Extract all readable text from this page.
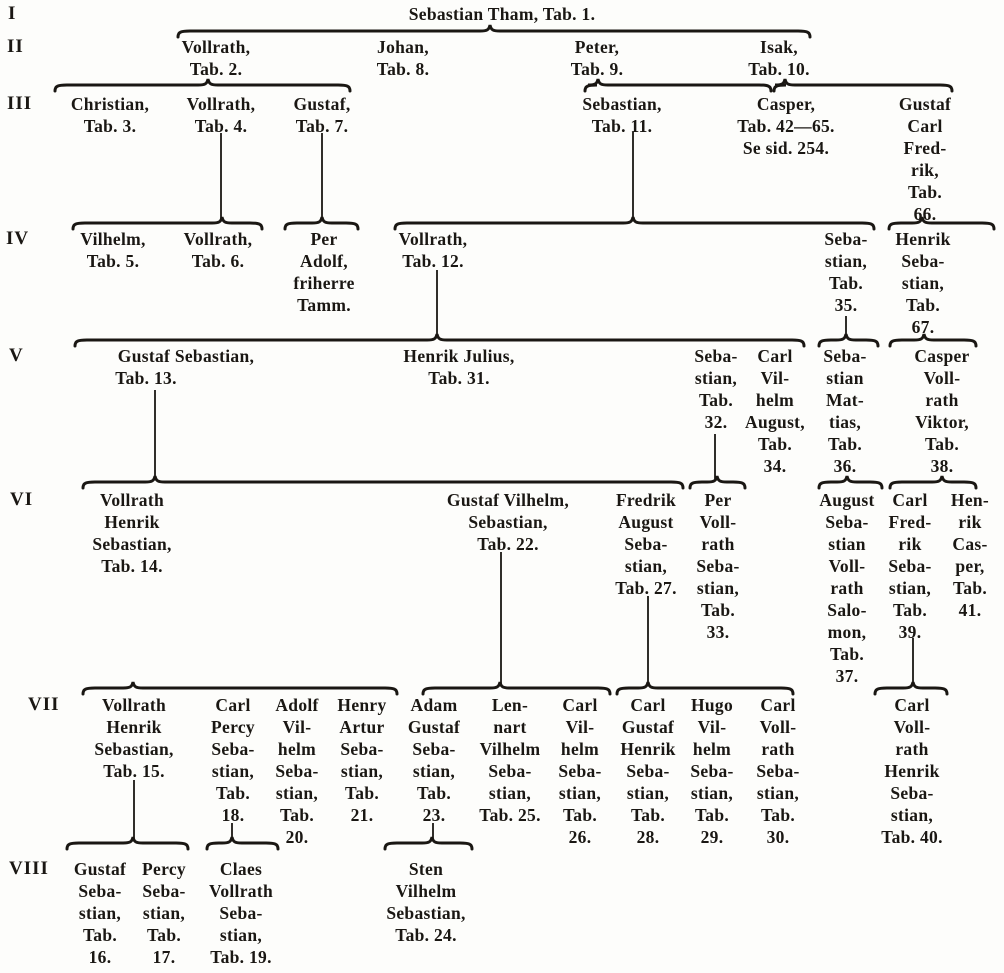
I
II
III
IV
V
VI
VII
VIII
Sebastian Tham, Tab. 1.
Vollrath,
Tab. 2.
Johan,
Tab. 8.
Peter,
Tab. 9.
Isak,
Tab. 10.
Christian,
Tab. 3.
Vollrath,
Tab. 4.
Gustaf,
Tab. 7.
Sebastian,
Tab. 11.
Casper,
Tab. 42—65.
Se sid. 254.
Gustaf
Carl
Fred-
rik,
Tab.
66.
Vilhelm,
Tab. 5.
Vollrath,
Tab. 6.
Per
Adolf,
friherre
Tamm.
Vollrath,
Tab. 12.
Seba-
stian,
Tab.
35.
Henrik
Seba-
stian,
Tab.
67.
Gustaf Sebastian,
Tab. 13.
Henrik Julius,
Tab. 31.
Seba-
stian,
Tab.
32.
Carl
Vil-
helm
August,
Tab.
34.
Seba-
stian
Mat-
tias,
Tab.
36.
Casper
Voll-
rath
Viktor,
Tab.
38.
Vollrath
Henrik
Sebastian,
Tab. 14.
Gustaf Vilhelm,
Sebastian,
Tab. 22.
Fredrik
August
Seba-
stian,
Tab. 27.
Per
Voll-
rath
Seba-
stian,
Tab.
33.
August
Seba-
stian
Voll-
rath
Salo-
mon,
Tab.
37.
Carl
Fred-
rik
Seba-
stian,
Tab.
39.
Hen-
rik
Cas-
per,
Tab.
41.
Vollrath
Henrik
Sebastian,
Tab. 15.
Carl
Percy
Seba-
stian,
Tab.
18.
Adolf
Vil-
helm
Seba-
stian,
Tab.
20.
Henry
Artur
Seba-
stian,
Tab.
21.
Adam
Gustaf
Seba-
stian,
Tab.
23.
Len-
nart
Vilhelm
Seba-
stian,
Tab. 25.
Carl
Vil-
helm
Seba-
stian,
Tab.
26.
Carl
Gustaf
Henrik
Seba-
stian,
Tab.
28.
Hugo
Vil-
helm
Seba-
stian,
Tab.
29.
Carl
Voll-
rath
Seba-
stian,
Tab.
30.
Carl
Voll-
rath
Henrik
Seba-
stian,
Tab. 40.
Gustaf
Seba-
stian,
Tab.
16.
Percy
Seba-
stian,
Tab.
17.
Claes
Vollrath
Seba-
stian,
Tab. 19.
Sten
Vilhelm
Sebastian,
Tab. 24.
